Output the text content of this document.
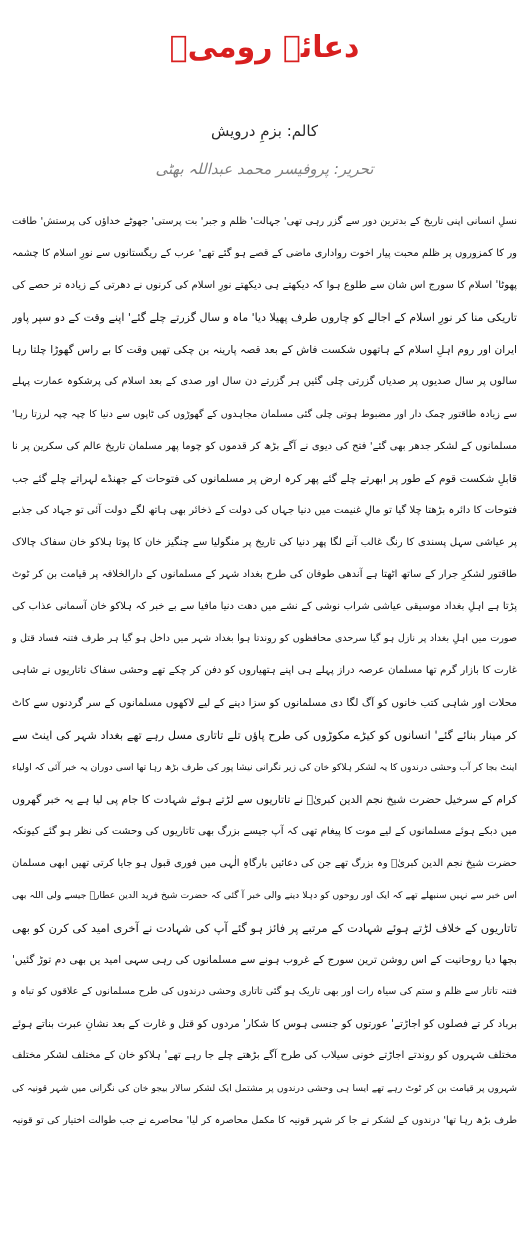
دعائے رومیؒ
کالم: بزمِ درویش
تحریر: پروفیسر محمد عبداللہ بھٹی
نسلِ انسانی اپنی تاریخ کے بدترین دور سے گزر رہی تھی' جہالت' ظلم و جبر' بت پرستی' جھوٹے خداؤں کی پرستش' طاقت
ور کا کمزوروں پر ظلم محبت پیار اخوت رواداری ماضی کے قصے ہو گئے تھے' عرب کے ریگستانوں سے نورِ اسلام کا چشمہ
پھوٹا' اسلام کا سورج اس شان سے طلوع ہوا کہ دیکھتے ہی دیکھتے نورِ اسلام کی کرنوں نے دھرتی کے زیادہ تر حصے کی
تاریکی منا کر نورِ اسلام کے اجالے کو چاروں طرف پھیلا دیا' ماہ و سال گزرتے چلے گئے' اپنے وقت کے دو سپر پاور
ایران اور روم اہلِ اسلام کے ہاتھوں شکست فاش کے بعد قصہ پارینہ بن چکی تھیں وقت کا بے راس گھوڑا چلتا رہا
سالوں پر سال صدیوں پر صدیاں گزرتی چلی گئیں ہر گزرتے دن سال اور صدی کے بعد اسلام کی پرشکوہ عمارت پہلے
سے زیادہ طاقتور چمک دار اور مضبوط ہوتی چلی گئی مسلمان مجاہدوں کے گھوڑوں کی ٹاپوں سے دنیا کا چپہ چپہ لرزتا رہا'
مسلمانوں کے لشکر جدھر بھی گئے' فتح کی دیوی نے آگے بڑھ کر قدموں کو چوما پھر مسلمان تاریخ عالم کی سکرین پر نا
قابلِ شکست قوم کے طور پر ابھرتے چلے گئے پھر کرہ ارض پر مسلمانوں کی فتوحات کے جھنڈے لہراتے چلے گئے جب
فتوحات کا دائرہ بڑھتا چلا گیا تو مالِ غنیمت میں دنیا جہاں کی دولت کے ذخائر بھی ہاتھ لگے دولت آئی تو جہاد کی جذبے
پر عیاشی سہل پسندی کا رنگ غالب آنے لگا پھر دنیا کی تاریخ پر منگولیا سے چنگیز خان کا پوتا ہلاکو خان سفاک چالاک
طاقتور لشکرِ جرار کے ساتھ اٹھتا ہے آندھی طوفان کی طرح بغداد شہر کے مسلمانوں کے دارالخلافہ پر قیامت بن کر ٹوٹ
پڑتا ہے اہلِ بغداد موسیقی عیاشی شراب نوشی کے نشے میں دھت دنیا مافیا سے بے خبر کہ ہلاکو خان آسمانی عذاب کی
صورت میں اہلِ بغداد پر نازل ہو گیا سرحدی محافظوں کو روندتا ہوا بغداد شہر میں داخل ہو گیا ہر طرف فتنہ فساد قتل و
غارت کا بازار گرم تھا مسلمان عرصہ دراز پہلے ہی اپنے ہتھیاروں کو دفن کر چکے تھے وحشی سفاک تاتاریوں نے شاہی
محلات اور شاہی کتب خانوں کو آگ لگا دی مسلمانوں کو سزا دینے کے لیے لاکھوں مسلمانوں کے سر گردنوں سے کاٹ
کر مینار بنائے گئے' انسانوں کو کیڑے مکوڑوں کی طرح پاؤں تلے تاتاری مسل رہے تھے بغداد شہر کی اینٹ سے
اینٹ بجا کر آب وحشی درندوں کا یہ لشکر ہلاکو خان کی زیر نگرانی نیشا پور کی طرف بڑھ رہا تھا اسی دوران یہ خبر آئی کہ اولیاء
کرام کے سرخیل حضرت شیخ نجم الدین کبریٰؒ نے تاتاریوں سے لڑتے ہوئے شہادت کا جام پی لیا ہے یہ خبر گھروں
میں دبکے ہوئے مسلمانوں کے لیے موت کا پیغام تھی کہ آپ جیسے بزرگ بھی تاتاریوں کی وحشت کی نظر ہو گئے کیونکہ
حضرت شیخ نجم الدین کبریٰؒ وہ بزرگ تھے جن کی دعائیں بارگاہِ الٰہی میں فوری قبول ہو جایا کرتی تھیں ابھی مسلمان
اس خبر سے نہیں سنبھلے تھے کہ ایک اور روحوں کو دہلا دینے والی خبر آ گئی کہ حضرت شیخ فرید الدین عطارؒ جیسے ولی اللہ بھی
تاتاریوں کے خلاف لڑتے ہوئے شہادت کے مرتبے پر فائز ہو گئے آپ کی شہادت نے آخری امید کی کرن کو بھی
بجھا دیا روحانیت کے اس روشن ترین سورج کے غروب ہونے سے مسلمانوں کی رہی سہی امید یں بھی دم توڑ گئیں'
فتنہ تاتار سے ظلم و ستم کی سیاہ رات اور بھی تاریک ہو گئی تاتاری وحشی درندوں کی طرح مسلمانوں کے علاقوں کو تباہ و
برباد کر تے فصلوں کو اجاڑتے' عورتوں کو جنسی ہوس کا شکار' مردوں کو قتل و غارت کے بعد نشانِ عبرت بناتے ہوئے
مختلف شہروں کو روندتے اجاڑتے خونی سیلاب کی طرح آگے بڑھتے چلے جا رہے تھے' ہلاکو خان کے مختلف لشکر مختلف
شہروں پر قیامت بن کر ٹوٹ رہے تھے ایسا ہی وحشی درندوں پر مشتمل ایک لشکر سالار بیجو خان کی نگرانی میں شہر قونیہ کی
طرف بڑھ رہا تھا' درندوں کے لشکر نے جا کر شہر قونیہ کا مکمل محاصرہ کر لیا' محاصرے نے جب طوالت اختیار کی تو قونیہ
